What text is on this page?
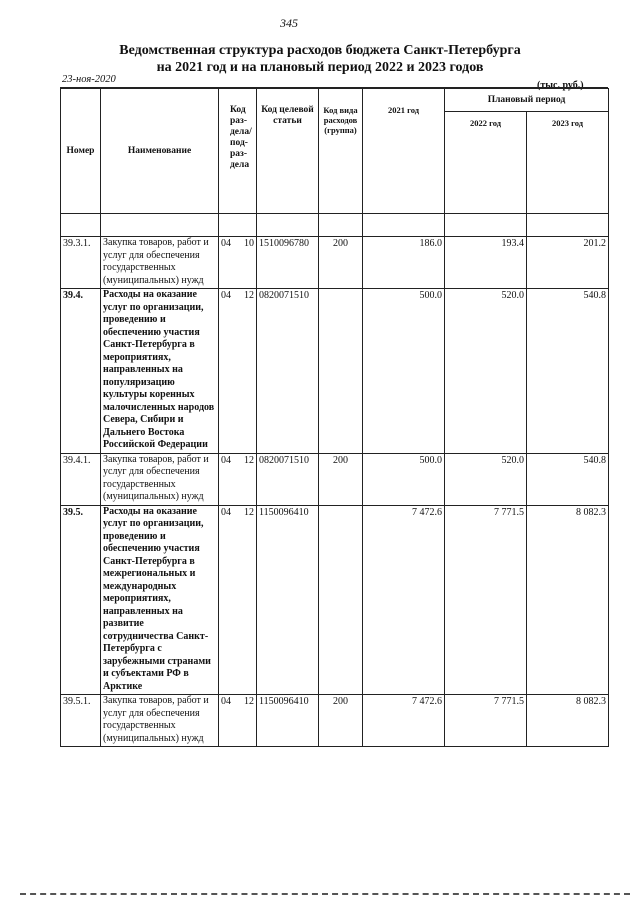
345
Ведомственная структура расходов бюджета Санкт-Петербурга
на 2021 год и на плановый период 2022 и 2023 годов
23-ноя-2020
(тыс. руб.)
Номер	Наименование	Код раз-дела/ под-раз-дела		Код целевой статьи	Код вида расходов (группа)	2021 год	Плановый период	
							2022 год	2023 год

39.3.1.	Закупка товаров, работ и услуг для обеспечения государственных (муниципальных) нужд	04	10	1510096780	200	186.0	193.4	201.2
39.4.	Расходы на оказание услуг по организации, проведению и обеспечению участия Санкт-Петербурга в мероприятиях, направленных на популяризацию культуры коренных малочисленных народов Севера, Сибири и Дальнего Востока Российской Федерации	04	12	0820071510		500.0	520.0	540.8
39.4.1.	Закупка товаров, работ и услуг для обеспечения государственных (муниципальных) нужд	04	12	0820071510	200	500.0	520.0	540.8
39.5.	Расходы на оказание услуг по организации, проведению и обеспечению участия Санкт-Петербурга в межрегиональных и международных мероприятиях, направленных на развитие сотрудничества Санкт-Петербурга с зарубежными странами и субъектами РФ в Арктике	04	12	1150096410		7 472.6	7 771.5	8 082.3
39.5.1.	Закупка товаров, работ и услуг для обеспечения государственных (муниципальных) нужд	04	12	1150096410	200	7 472.6	7 771.5	8 082.3
